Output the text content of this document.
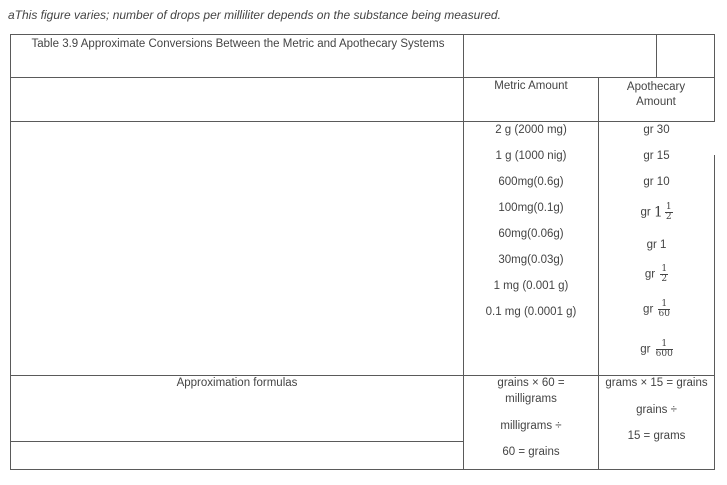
aThis figure varies; number of drops per milliliter depends on the substance being measured.
Table 3.9 Approximate Conversions Between the Metric and Apothecary Systems
Metric Amount	Apothecary Amount
2 g (2000 mg)
1 g (1000 nig)
600mg(0.6g)
100mg(0.1g)
60mg(0.06g)
30mg(0.03g)
1 mg (0.001 g)
0.1 mg (0.0001 g)
gr 30
gr 15
gr 10
gr $1 \frac{1}{2}$
gr 1
gr $\frac{1}{2}$
gr $\frac{1}{60}$
gr $\frac{1}{600}$
Approximation formulas	grains × 60 =
milligrams
milligrams ÷
60 = grains
grams × 15 = grains
grains ÷
15 = grams
